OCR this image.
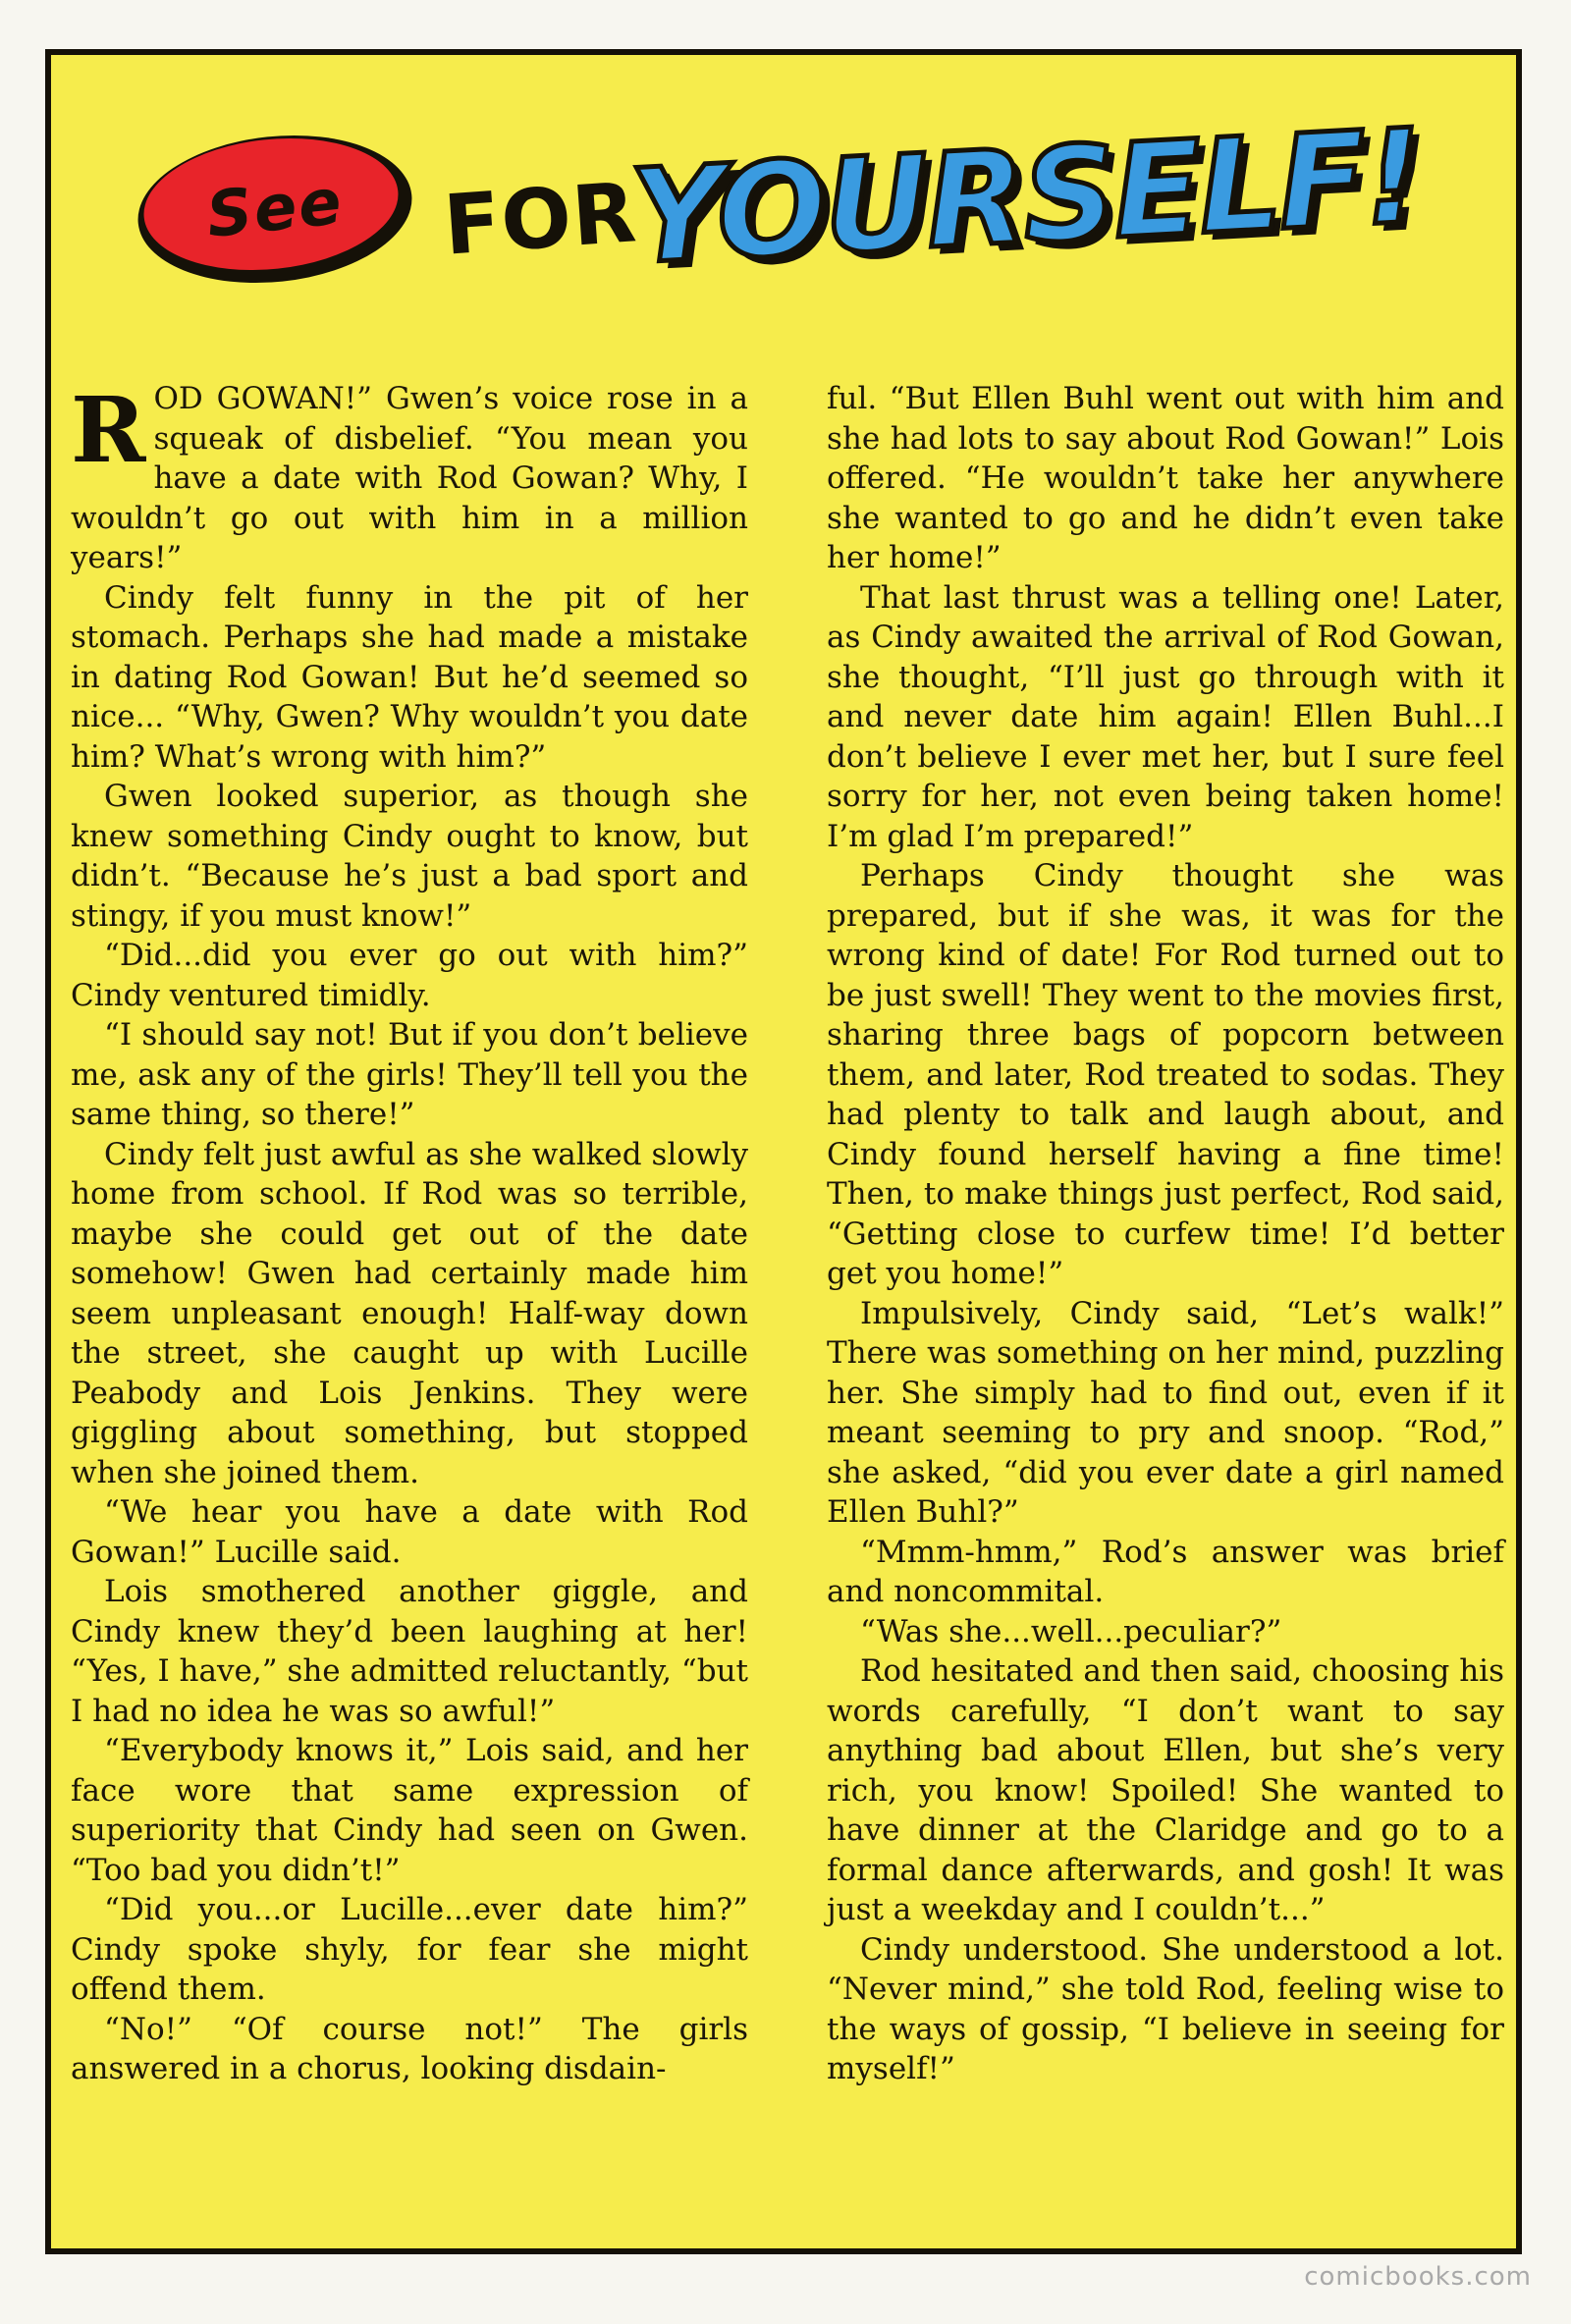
See	FOR
YOURSELF!

ROD GOWAN!” Gwen’s voice rose in a squeak of disbelief. “You mean you have a date with Rod Gowan? Why, I wouldn’t go out with him in a million years!”

Cindy felt funny in the pit of her stomach. Perhaps she had made a mistake in dating Rod Gowan! But he’d seemed so nice... “Why, Gwen? Why wouldn’t you date him? What’s wrong with him?”

Gwen looked superior, as though she knew something Cindy ought to know, but didn’t. “Because he’s just a bad sport and stingy, if you must know!”

“Did...did you ever go out with him?” Cindy ventured timidly.

“I should say not! But if you don’t believe me, ask any of the girls! They’ll tell you the same thing, so there!”

Cindy felt just awful as she walked slowly home from school. If Rod was so terrible, maybe she could get out of the date somehow! Gwen had certainly made him seem unpleasant enough! Half-way down the street, she caught up with Lucille Peabody and Lois Jenkins. They were giggling about something, but stopped when she joined them.

“We hear you have a date with Rod Gowan!” Lucille said.

Lois smothered another giggle, and Cindy knew they’d been laughing at her! “Yes, I have,” she admitted reluctantly, “but I had no idea he was so awful!”

“Everybody knows it,” Lois said, and her face wore that same expression of superiority that Cindy had seen on Gwen. “Too bad you didn’t!”

“Did you...or Lucille...ever date him?” Cindy spoke shyly, for fear she might offend them.

“No!” “Of course not!” The girls answered in a chorus, looking disdain-

ful. “But Ellen Buhl went out with him and she had lots to say about Rod Gowan!” Lois offered. “He wouldn’t take her anywhere she wanted to go and he didn’t even take her home!”

That last thrust was a telling one! Later, as Cindy awaited the arrival of Rod Gowan, she thought, “I’ll just go through with it and never date him again! Ellen Buhl...I don’t believe I ever met her, but I sure feel sorry for her, not even being taken home! I’m glad I’m prepared!”

Perhaps Cindy thought she was prepared, but if she was, it was for the wrong kind of date! For Rod turned out to be just swell! They went to the movies first, sharing three bags of popcorn between them, and later, Rod treated to sodas. They had plenty to talk and laugh about, and Cindy found herself having a fine time! Then, to make things just perfect, Rod said, “Getting close to curfew time! I’d better get you home!”

Impulsively, Cindy said, “Let’s walk!” There was something on her mind, puzzling her. She simply had to find out, even if it meant seeming to pry and snoop. “Rod,” she asked, “did you ever date a girl named Ellen Buhl?”

“Mmm-hmm,” Rod’s answer was brief and noncommital.

“Was she...well...peculiar?”

Rod hesitated and then said, choosing his words carefully, “I don’t want to say anything bad about Ellen, but she’s very rich, you know! Spoiled! She wanted to have dinner at the Claridge and go to a formal dance afterwards, and gosh! It was just a weekday and I couldn’t...”

Cindy understood. She understood a lot. “Never mind,” she told Rod, feeling wise to the ways of gossip, “I believe in seeing for myself!”

comicbooks.com
